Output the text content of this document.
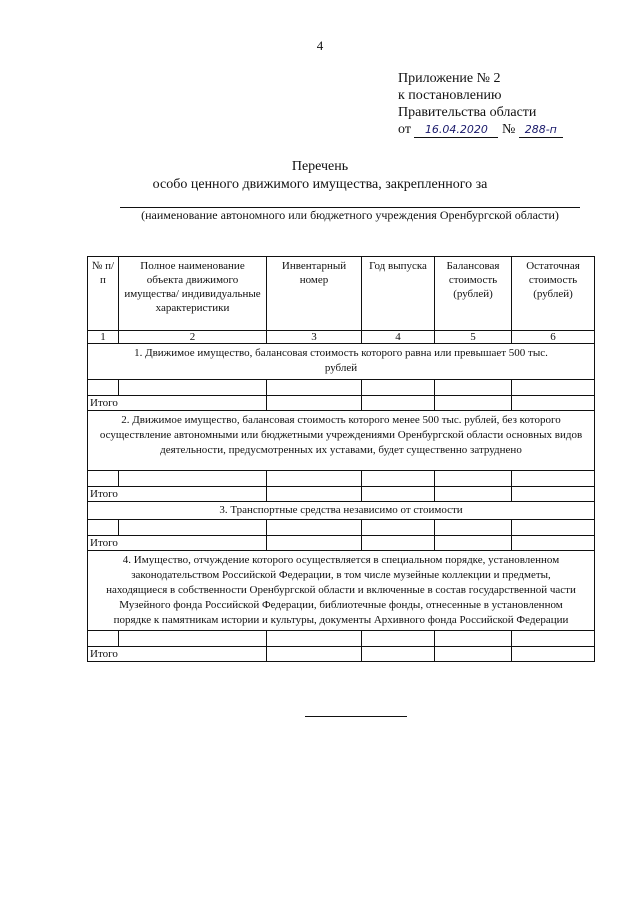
4
Приложение № 2
к постановлению
Правительства области
от 16.04.2020 № 288-п
Перечень
особо ценного движимого имущества, закрепленного за
(наименование автономного или бюджетного учреждения Оренбургской области)
№ п/п	Полное наименование объекта движимого имущества/ индивидуальные характеристики	Инвентарный номер	Год выпуска	Балансовая стоимость (рублей)	Остаточная стоимость (рублей)
1	2	3	4	5	6
1. Движимое имущество, балансовая стоимость которого равна или превышает 500 тыс. рублей					

Итого					
2. Движимое имущество, балансовая стоимость которого менее 500 тыс. рублей, без которого осуществление автономными или бюджетными учреждениями Оренбургской области основных видов деятельности, предусмотренных их уставами, будет существенно затруднено					

Итого					
3. Транспортные средства независимо от стоимости					

Итого					
4. Имущество, отчуждение которого осуществляется в специальном порядке, установленном законодательством Российской Федерации, в том числе музейные коллекции и предметы, находящиеся в собственности Оренбургской области и включенные в состав государственной части Музейного фонда Российской Федерации, библиотечные фонды, отнесенные в установленном порядке к памятникам истории и культуры, документы Архивного фонда Российской Федерации					

Итого					
